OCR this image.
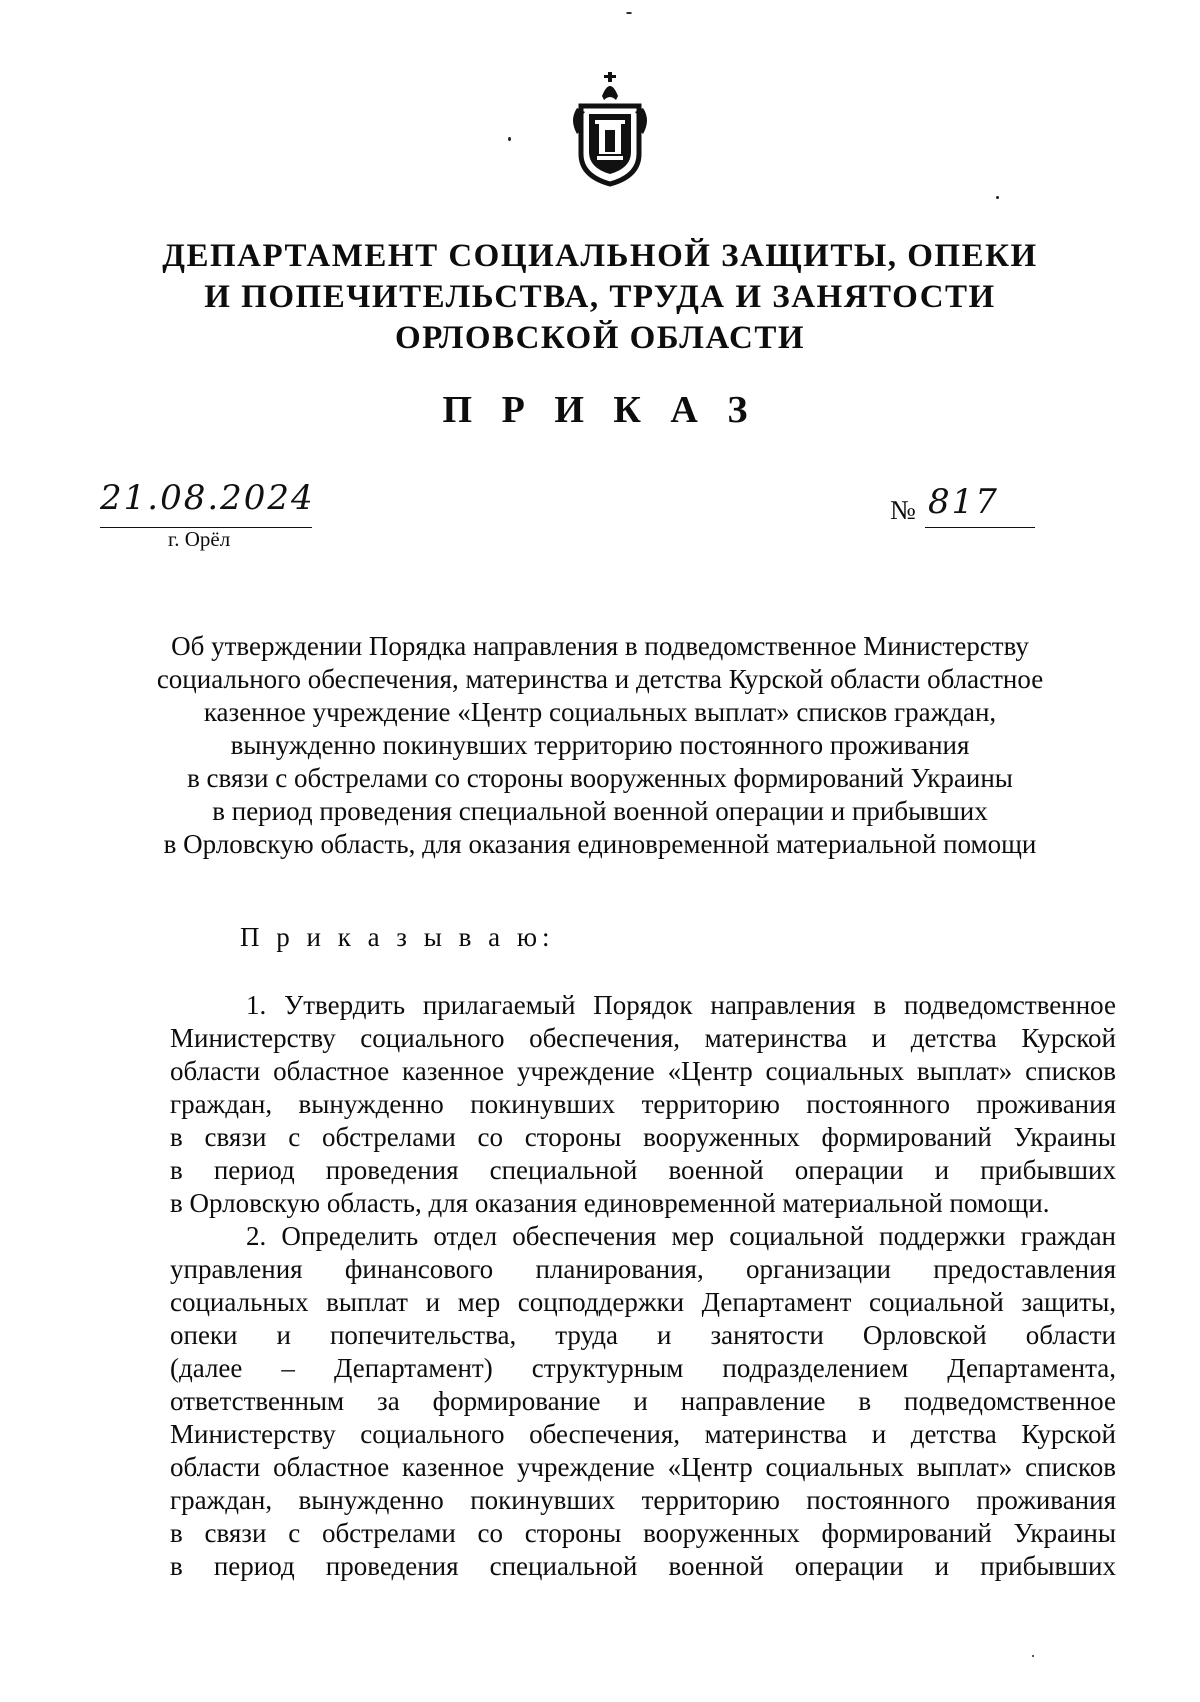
ДЕПАРТАМЕНТ СОЦИАЛЬНОЙ ЗАЩИТЫ, ОПЕКИ
И ПОПЕЧИТЕЛЬСТВА, ТРУДА И ЗАНЯТОСТИ
ОРЛОВСКОЙ ОБЛАСТИ
П Р И К А З
21.08.2024
г. Орёл
№ 817
Об утверждении Порядка направления в подведомственное Министерству
социального обеспечения, материнства и детства Курской области областное
казенное учреждение «Центр социальных выплат» списков граждан,
вынужденно покинувших территорию постоянного проживания
в связи с обстрелами со стороны вооруженных формирований Украины
в период проведения специальной военной операции и прибывших
в Орловскую область, для оказания единовременной материальной помощи
П р и к а з ы в а ю:
1. Утвердить прилагаемый Порядок направления в подведомственное
Министерству социального обеспечения, материнства и детства Курской
области областное казенное учреждение «Центр социальных выплат» списков
граждан, вынужденно покинувших территорию постоянного проживания
в связи с обстрелами со стороны вооруженных формирований Украины
в период проведения специальной военной операции и прибывших
в Орловскую область, для оказания единовременной материальной помощи.
2. Определить отдел обеспечения мер социальной поддержки граждан
управления финансового планирования, организации предоставления
социальных выплат и мер соцподдержки Департамент социальной защиты,
опеки и попечительства, труда и занятости Орловской области
(далее – Департамент) структурным подразделением Департамента,
ответственным за формирование и направление в подведомственное
Министерству социального обеспечения, материнства и детства Курской
области областное казенное учреждение «Центр социальных выплат» списков
граждан, вынужденно покинувших территорию постоянного проживания
в связи с обстрелами со стороны вооруженных формирований Украины
в период проведения специальной военной операции и прибывших
